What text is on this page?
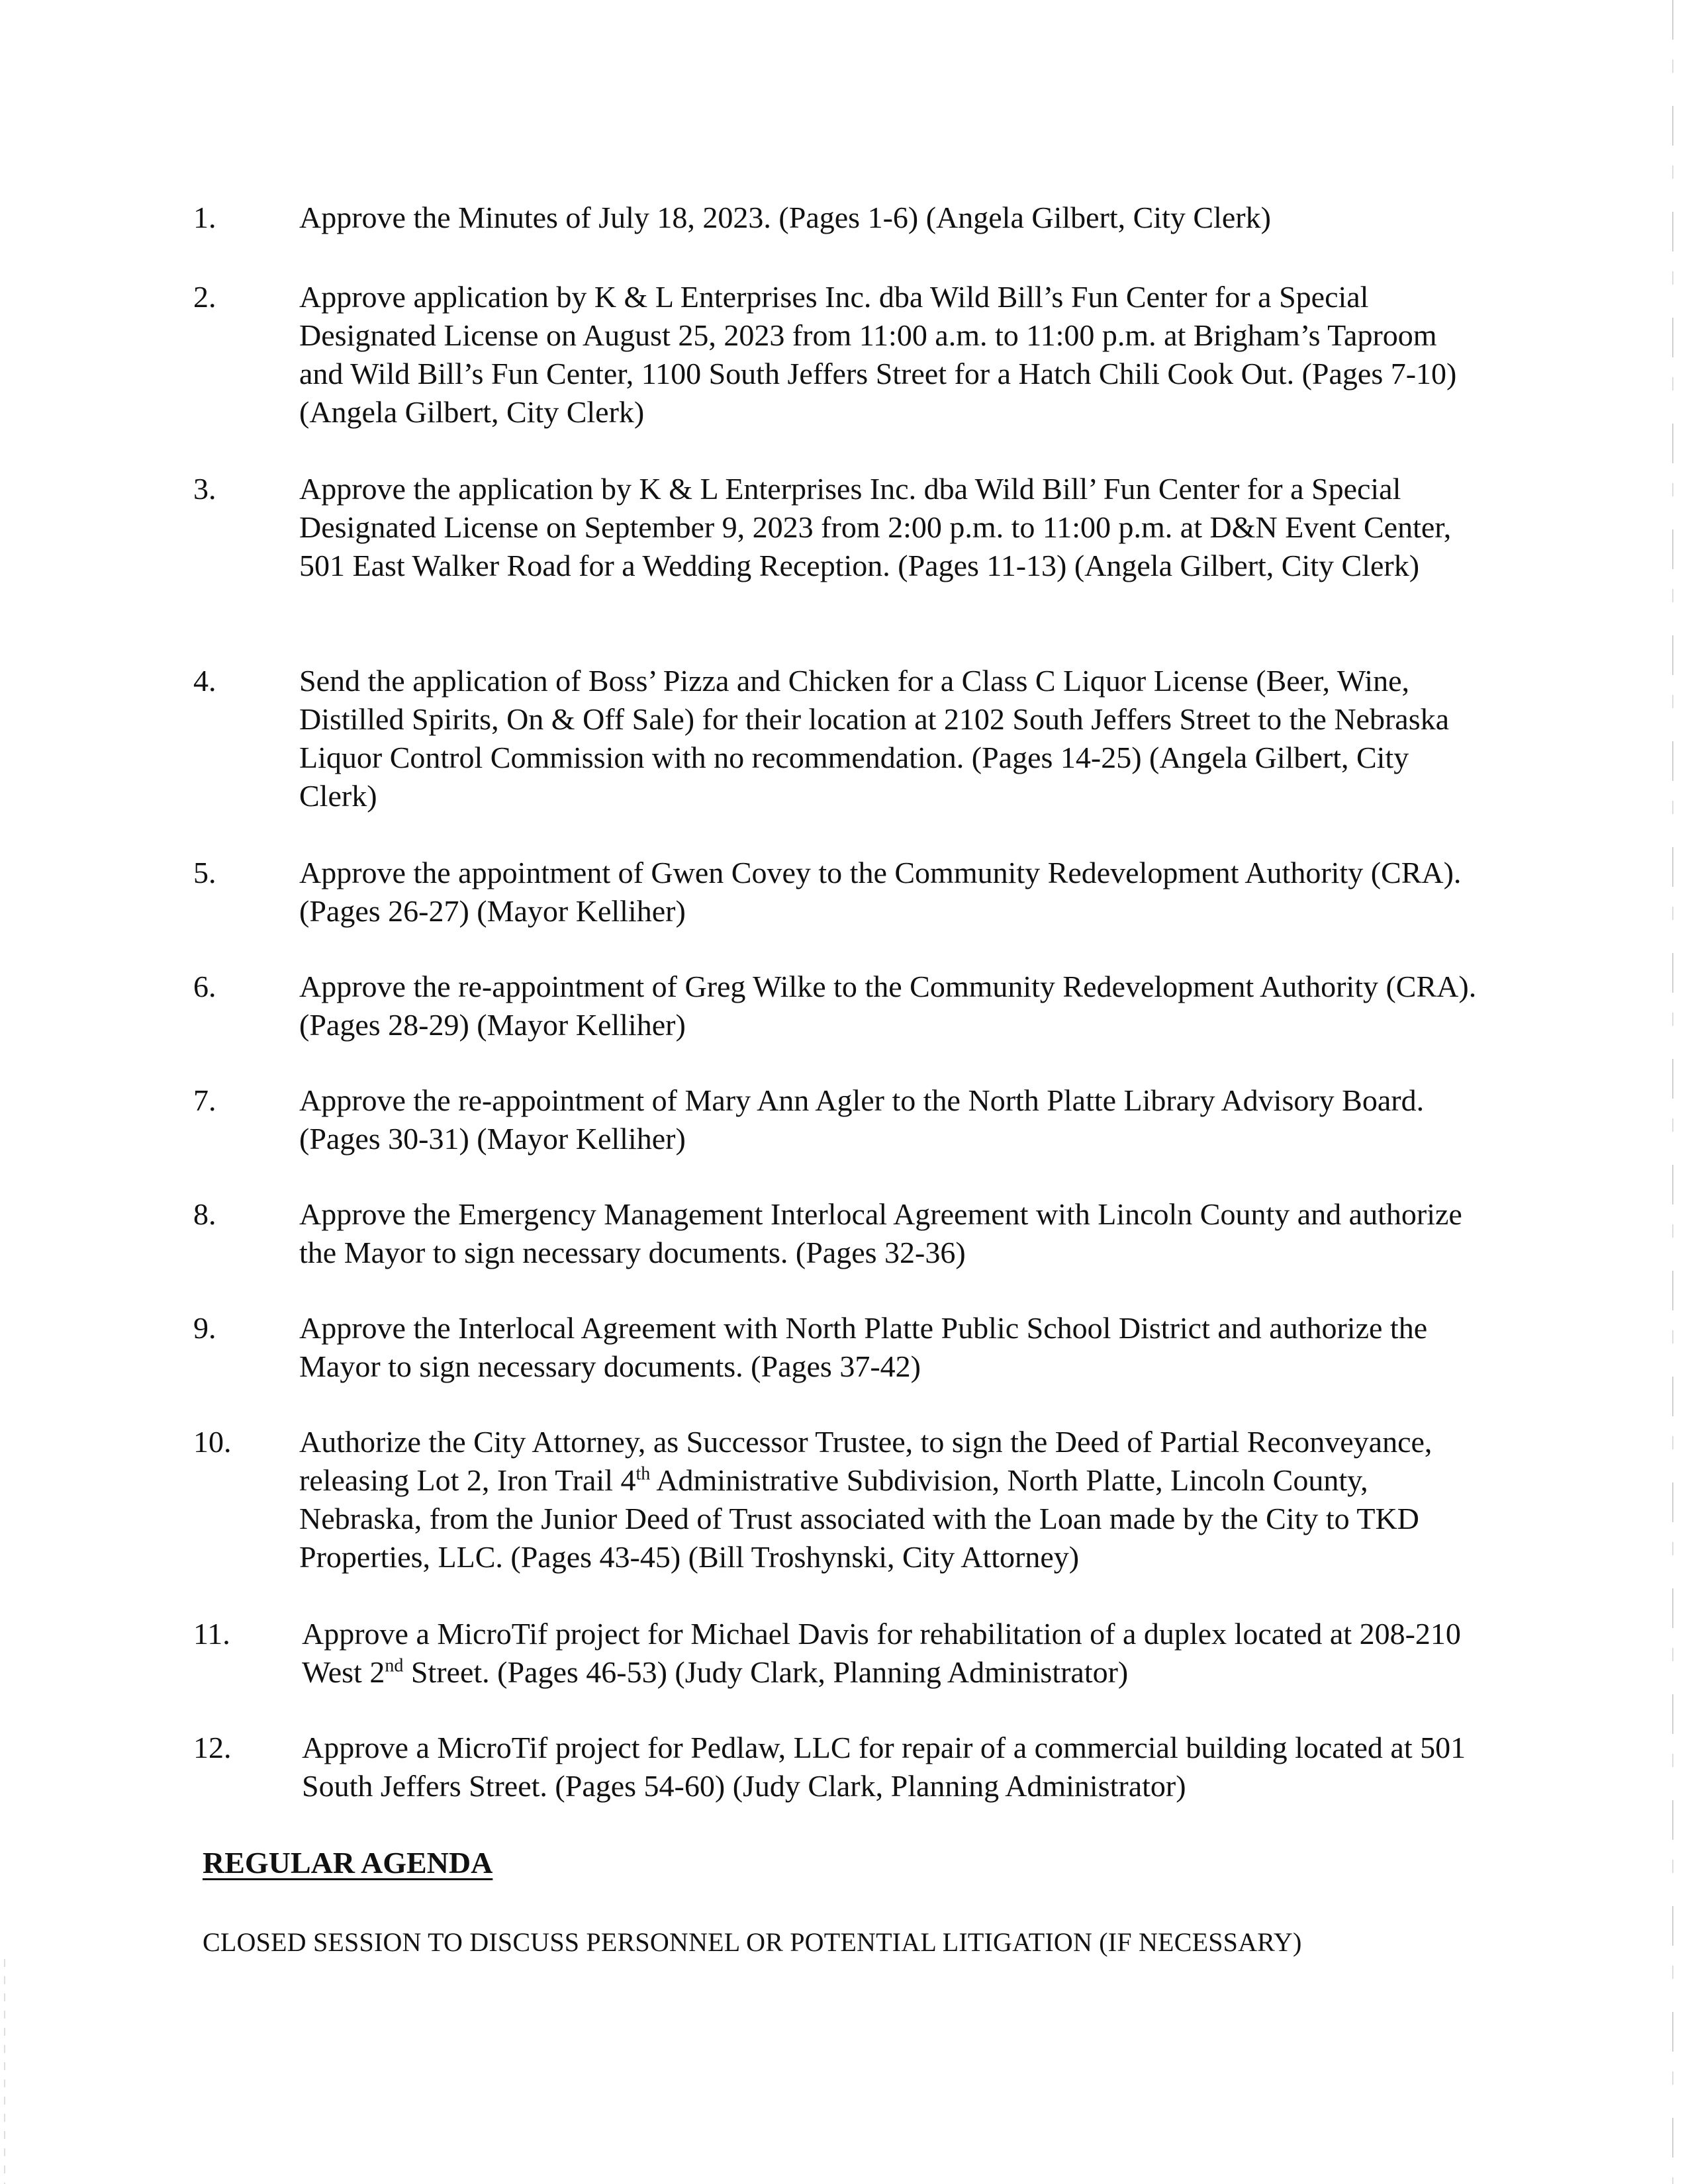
1.	Approve the Minutes of July 18, 2023. (Pages 1-6) (Angela Gilbert, City Clerk)
2.	Approve application by K & L Enterprises Inc. dba Wild Bill’s Fun Center for a Special Designated License on August 25, 2023 from 11:00 a.m. to 11:00 p.m. at Brigham’s Taproom and Wild Bill’s Fun Center, 1100 South Jeffers Street for a Hatch Chili Cook Out. (Pages 7-10) (Angela Gilbert, City Clerk)
3.	Approve the application by K & L Enterprises Inc. dba Wild Bill’ Fun Center for a Special Designated License on September 9, 2023 from 2:00 p.m. to 11:00 p.m. at D&N Event Center, 501 East Walker Road for a Wedding Reception. (Pages 11-13) (Angela Gilbert, City Clerk)
4.	Send the application of Boss’ Pizza and Chicken for a Class C Liquor License (Beer, Wine, Distilled Spirits, On & Off Sale) for their location at 2102 South Jeffers Street to the Nebraska Liquor Control Commission with no recommendation. (Pages 14-25) (Angela Gilbert, City Clerk)
5.	Approve the appointment of Gwen Covey to the Community Redevelopment Authority (CRA). (Pages 26-27) (Mayor Kelliher)
6.	Approve the re-appointment of Greg Wilke to the Community Redevelopment Authority (CRA). (Pages 28-29) (Mayor Kelliher)
7.	Approve the re-appointment of Mary Ann Agler to the North Platte Library Advisory Board. (Pages 30-31) (Mayor Kelliher)
8.	Approve the Emergency Management Interlocal Agreement with Lincoln County and authorize the Mayor to sign necessary documents. (Pages 32-36)
9.	Approve the Interlocal Agreement with North Platte Public School District and authorize the Mayor to sign necessary documents. (Pages 37-42)
10. Authorize the City Attorney, as Successor Trustee, to sign the Deed of Partial Reconveyance, releasing Lot 2, Iron Trail 4th Administrative Subdivision, North Platte, Lincoln County, Nebraska, from the Junior Deed of Trust associated with the Loan made by the City to TKD Properties, LLC. (Pages 43-45) (Bill Troshynski, City Attorney)
11. Approve a MicroTif project for Michael Davis for rehabilitation of a duplex located at 208-210 West 2nd Street. (Pages 46-53) (Judy Clark, Planning Administrator)
12. Approve a MicroTif project for Pedlaw, LLC for repair of a commercial building located at 501 South Jeffers Street. (Pages 54-60) (Judy Clark, Planning Administrator)
REGULAR AGENDA
CLOSED SESSION TO DISCUSS PERSONNEL OR POTENTIAL LITIGATION (IF NECESSARY)
